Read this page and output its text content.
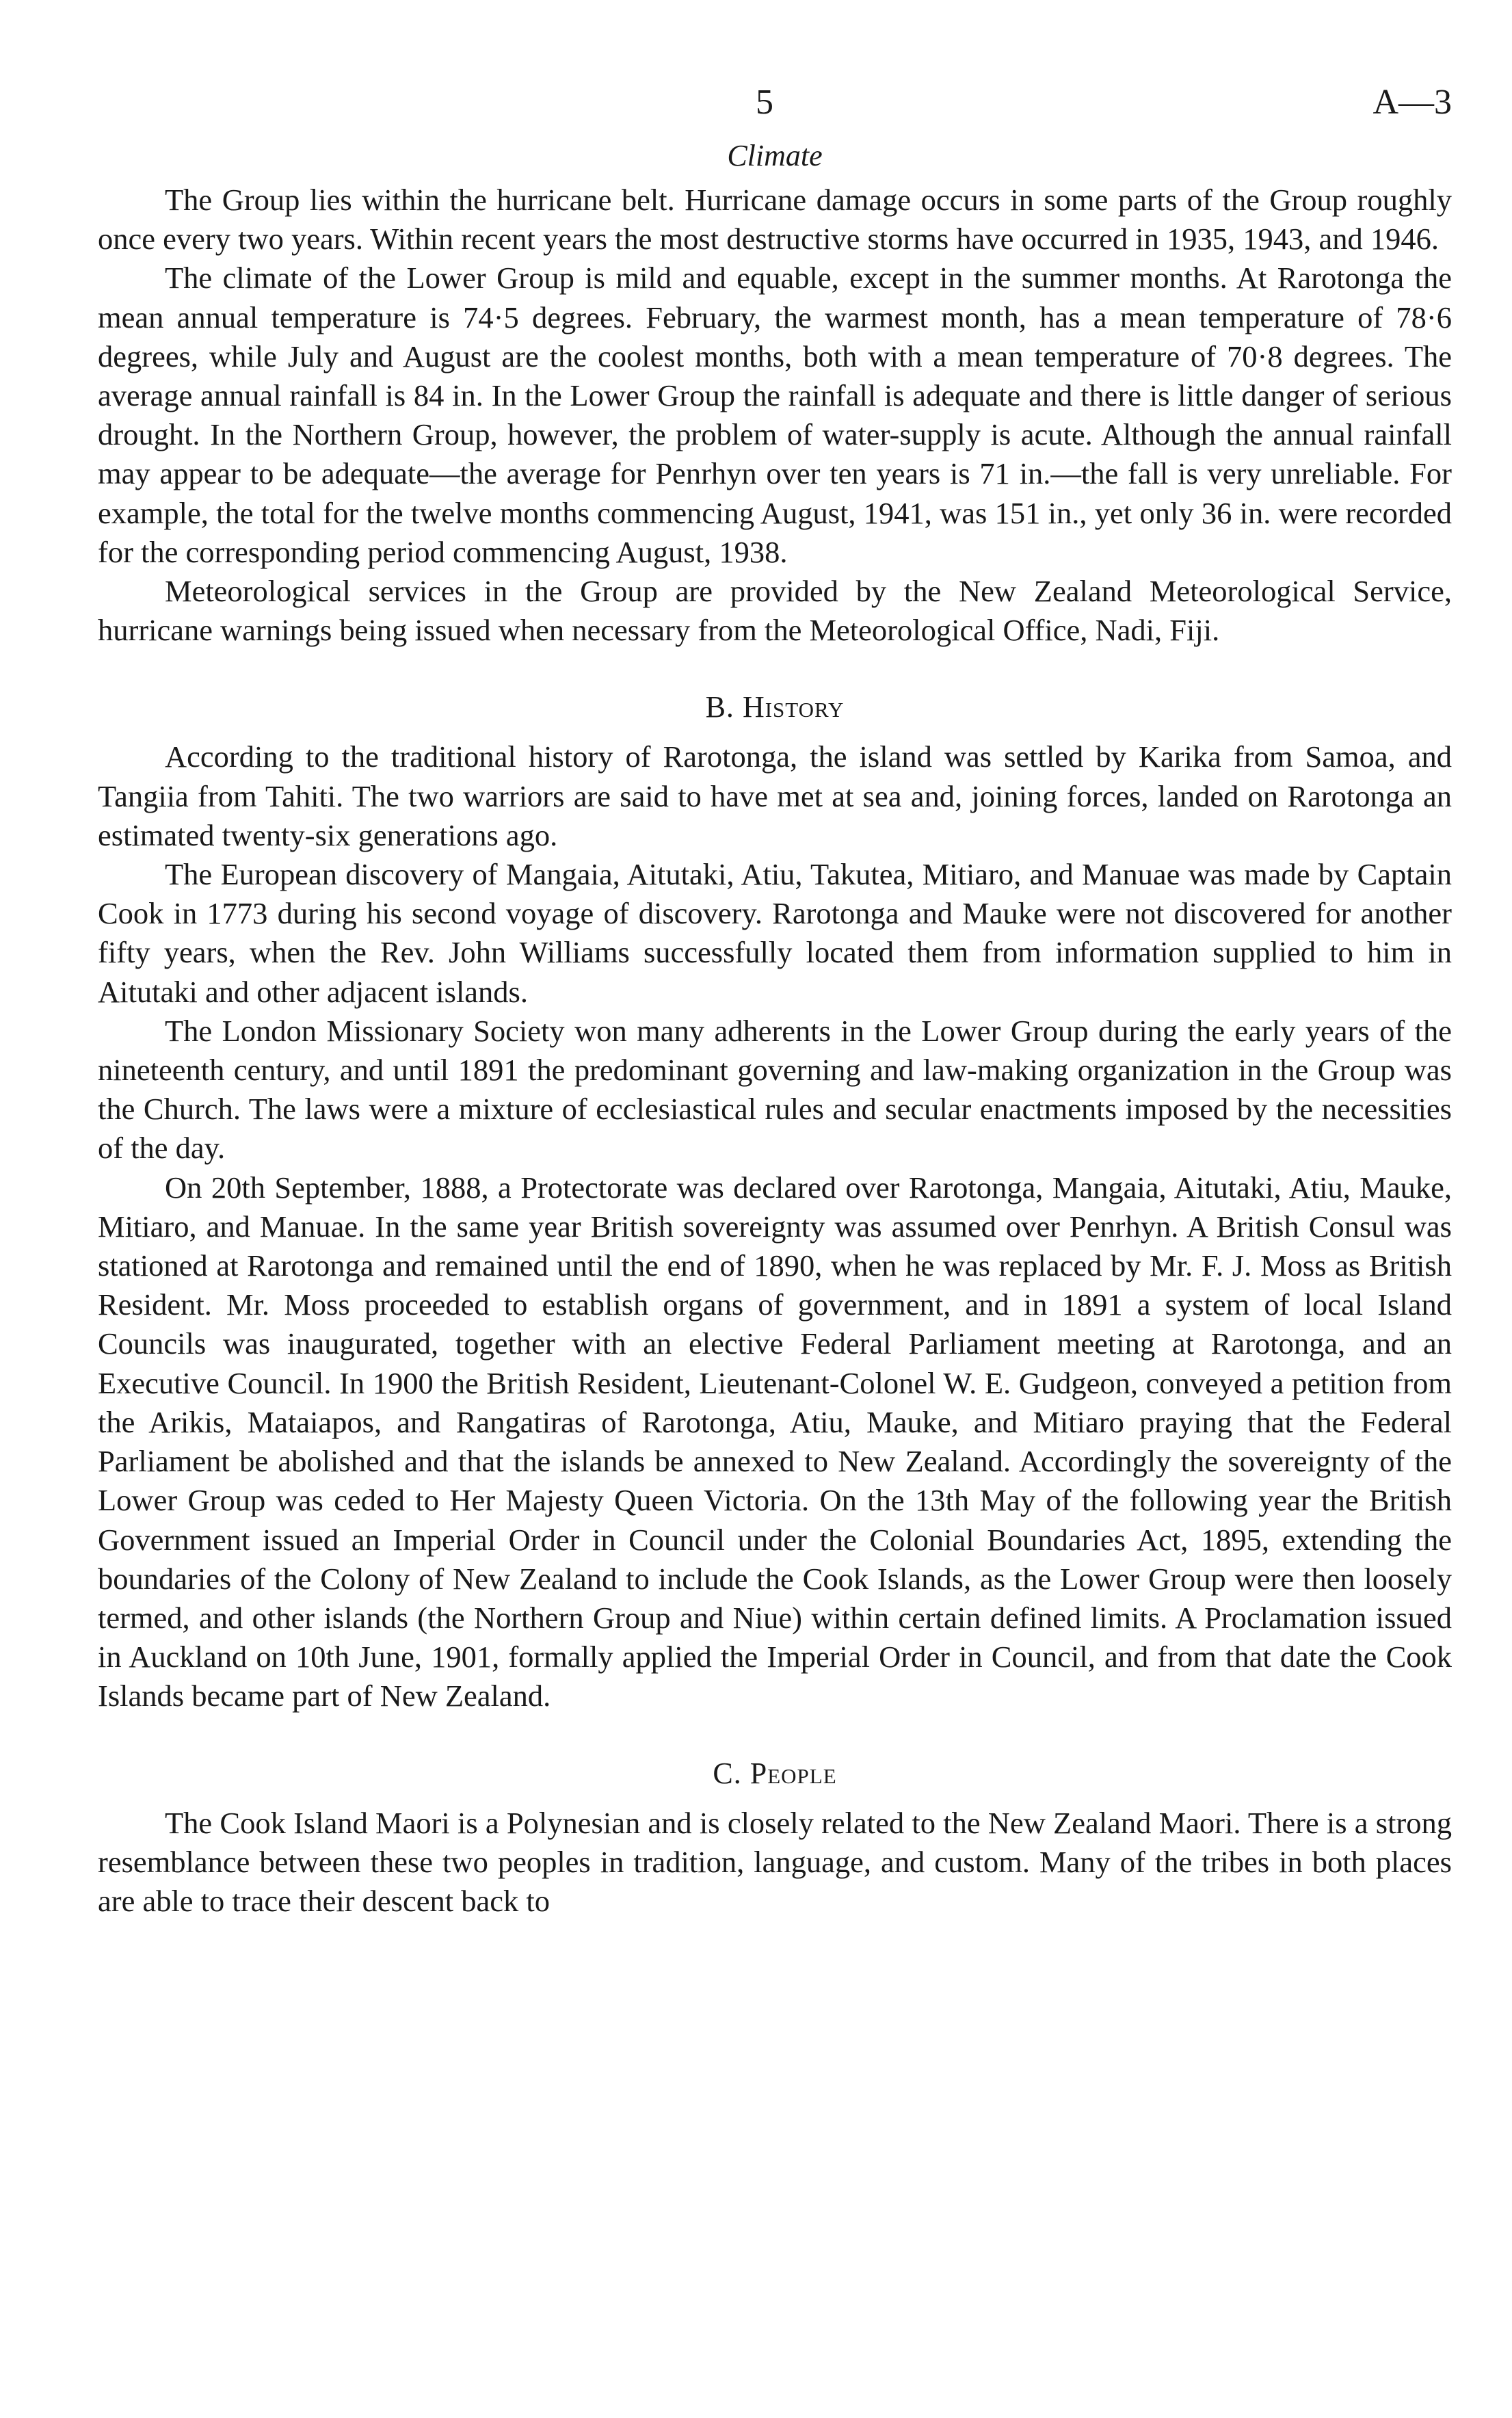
5	A—3
Climate

The Group lies within the hurricane belt. Hurricane damage occurs in some parts of the Group roughly once every two years. Within recent years the most destructive storms have occurred in 1935, 1943, and 1946.

The climate of the Lower Group is mild and equable, except in the summer months. At Rarotonga the mean annual temperature is 74·5 degrees. February, the warmest month, has a mean temperature of 78·6 degrees, while July and August are the coolest months, both with a mean temperature of 70·8 degrees. The average annual rainfall is 84 in. In the Lower Group the rainfall is adequate and there is little danger of serious drought. In the Northern Group, however, the problem of water-supply is acute. Although the annual rainfall may appear to be adequate—the average for Penrhyn over ten years is 71 in.—the fall is very unreliable. For example, the total for the twelve months commencing August, 1941, was 151 in., yet only 36 in. were recorded for the corresponding period commencing August, 1938.

Meteorological services in the Group are provided by the New Zealand Meteorological Service, hurricane warnings being issued when necessary from the Meteorological Office, Nadi, Fiji.

B. History

According to the traditional history of Rarotonga, the island was settled by Karika from Samoa, and Tangiia from Tahiti. The two warriors are said to have met at sea and, joining forces, landed on Rarotonga an estimated twenty-six generations ago.

The European discovery of Mangaia, Aitutaki, Atiu, Takutea, Mitiaro, and Manuae was made by Captain Cook in 1773 during his second voyage of discovery. Rarotonga and Mauke were not discovered for another fifty years, when the Rev. John Williams successfully located them from information supplied to him in Aitutaki and other adjacent islands.

The London Missionary Society won many adherents in the Lower Group during the early years of the nineteenth century, and until 1891 the predominant governing and law-making organization in the Group was the Church. The laws were a mixture of ecclesiastical rules and secular enactments imposed by the necessities of the day.

On 20th September, 1888, a Protectorate was declared over Rarotonga, Mangaia, Aitutaki, Atiu, Mauke, Mitiaro, and Manuae. In the same year British sovereignty was assumed over Penrhyn. A British Consul was stationed at Rarotonga and remained until the end of 1890, when he was replaced by Mr. F. J. Moss as British Resident. Mr. Moss proceeded to establish organs of government, and in 1891 a system of local Island Councils was inaugurated, together with an elective Federal Parliament meeting at Rarotonga, and an Executive Council. In 1900 the British Resident, Lieutenant-Colonel W. E. Gudgeon, conveyed a petition from the Arikis, Mataiapos, and Rangatiras of Rarotonga, Atiu, Mauke, and Mitiaro praying that the Federal Parliament be abolished and that the islands be annexed to New Zealand. Accordingly the sovereignty of the Lower Group was ceded to Her Majesty Queen Victoria. On the 13th May of the following year the British Government issued an Imperial Order in Council under the Colonial Boundaries Act, 1895, extending the boundaries of the Colony of New Zealand to include the Cook Islands, as the Lower Group were then loosely termed, and other islands (the Northern Group and Niue) within certain defined limits. A Proclamation issued in Auckland on 10th June, 1901, formally applied the Imperial Order in Council, and from that date the Cook Islands became part of New Zealand.

C. People

The Cook Island Maori is a Polynesian and is closely related to the New Zealand Maori. There is a strong resemblance between these two peoples in tradition, language, and custom. Many of the tribes in both places are able to trace their descent back to
